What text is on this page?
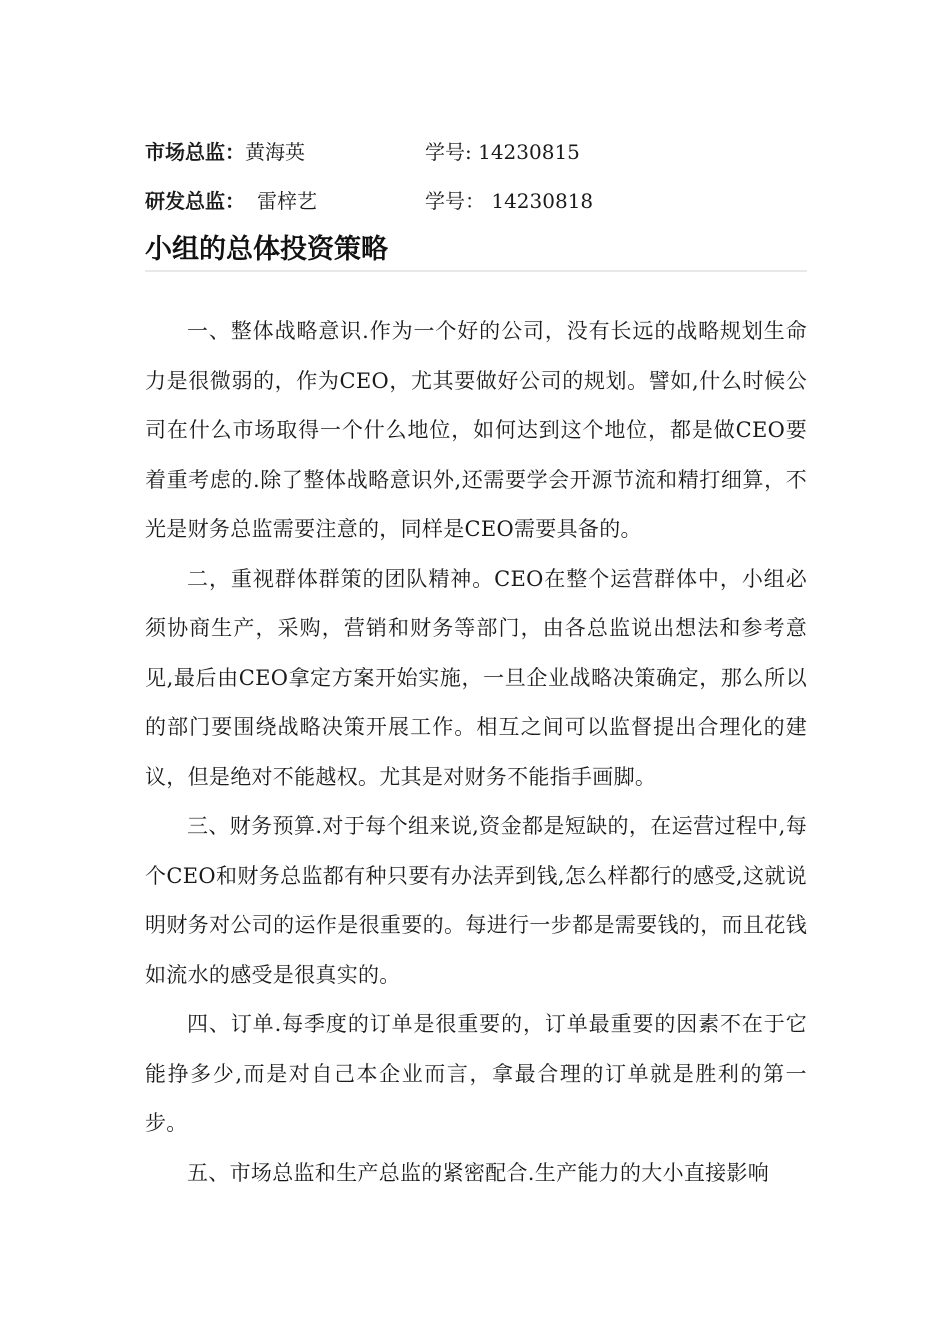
市场总监：黄海英	学号: 14230815
研发总监： 雷梓艺	学号： 14230818
小组的总体投资策略

一、整体战略意识.作为一个好的公司，没有长远的战略规划生命力是很微弱的，作为CEO，尤其要做好公司的规划。譬如,什么时候公司在什么市场取得一个什么地位，如何达到这个地位，都是做CEO要着重考虑的.除了整体战略意识外,还需要学会开源节流和精打细算，不光是财务总监需要注意的，同样是CEO需要具备的。

二，重视群体群策的团队精神。CEO在整个运营群体中，小组必须协商生产，采购，营销和财务等部门，由各总监说出想法和参考意见,最后由CEO拿定方案开始实施，一旦企业战略决策确定，那么所以的部门要围绕战略决策开展工作。相互之间可以监督提出合理化的建议，但是绝对不能越权。尤其是对财务不能指手画脚。

三、财务预算.对于每个组来说,资金都是短缺的，在运营过程中,每个CEO和财务总监都有种只要有办法弄到钱,怎么样都行的感受,这就说明财务对公司的运作是很重要的。每进行一步都是需要钱的，而且花钱如流水的感受是很真实的。

四、订单.每季度的订单是很重要的，订单最重要的因素不在于它能挣多少,而是对自己本企业而言，拿最合理的订单就是胜利的第一步。

五、市场总监和生产总监的紧密配合.生产能力的大小直接影响
